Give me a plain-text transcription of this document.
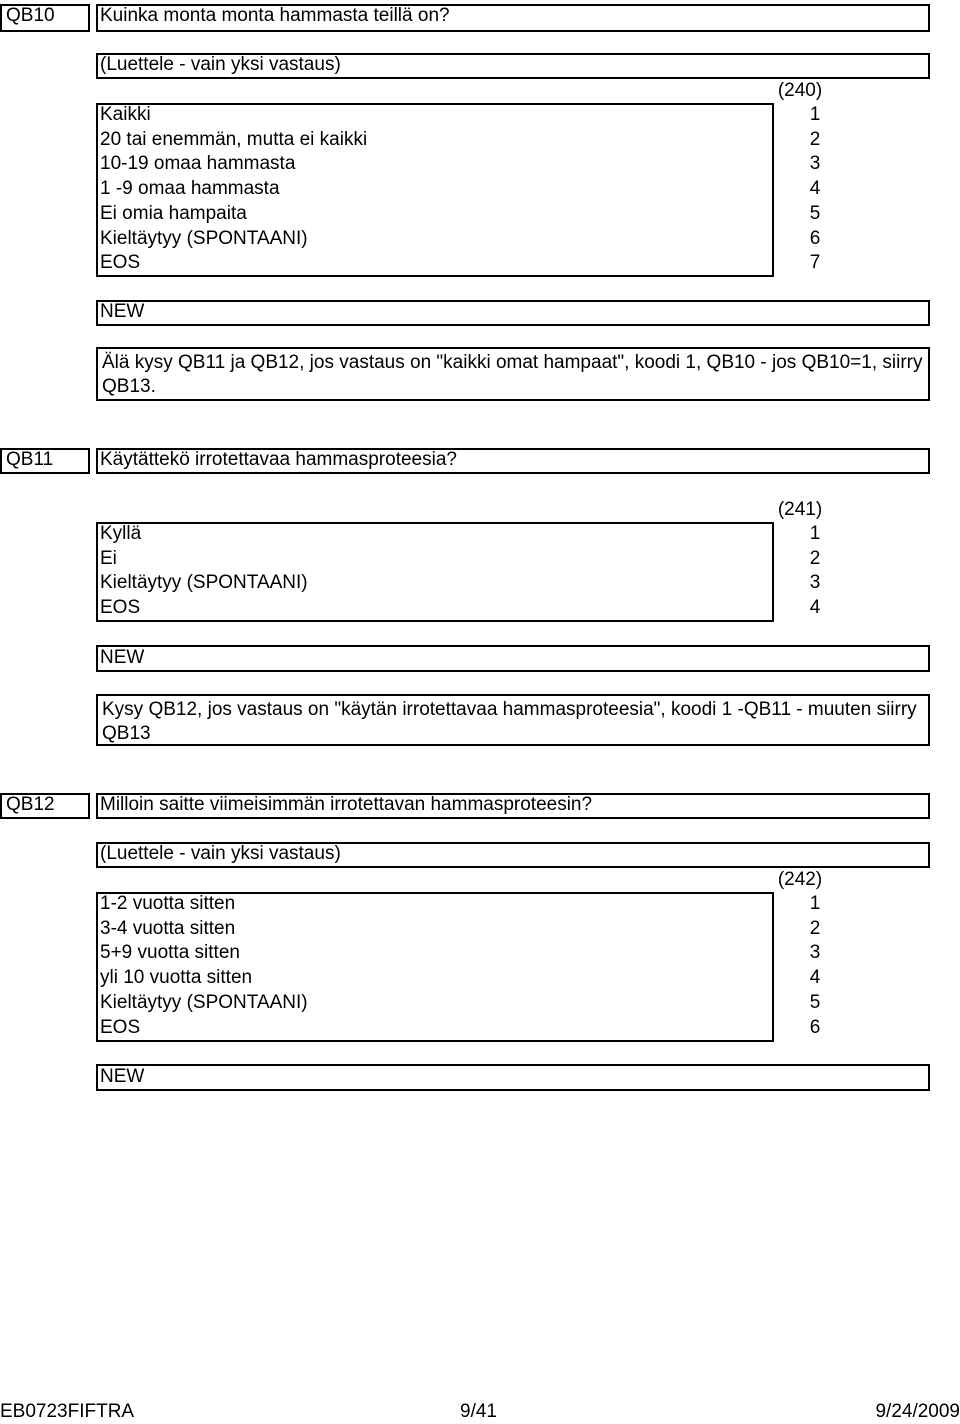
QB10 Kuinka monta monta hammasta teillä on?
(Luettele - vain yksi vastaus)
(240)
Kaikki	1
20 tai enemmän, mutta ei kaikki	2
10-19 omaa hammasta	3
1 -9 omaa hammasta	4
Ei omia hampaita	5
Kieltäytyy (SPONTAANI)	6
EOS	7
NEW
Älä kysy QB11 ja QB12, jos vastaus on "kaikki omat hampaat", koodi 1, QB10 - jos QB10=1, siirry QB13.
QB11 Käytättekö irrotettavaa hammasproteesia?
(241)
Kyllä	1
Ei	2
Kieltäytyy (SPONTAANI)	3
EOS	4
NEW
Kysy QB12, jos vastaus on "käytän irrotettavaa hammasproteesia", koodi 1 -QB11 - muuten siirry QB13
QB12 Milloin saitte viimeisimmän irrotettavan hammasproteesin?
(Luettele - vain yksi vastaus)
(242)
1-2 vuotta sitten	1
3-4 vuotta sitten	2
5+9 vuotta sitten	3
yli 10 vuotta sitten	4
Kieltäytyy (SPONTAANI)	5
EOS	6
NEW
EB0723FIFTRA	9/41	9/24/2009
